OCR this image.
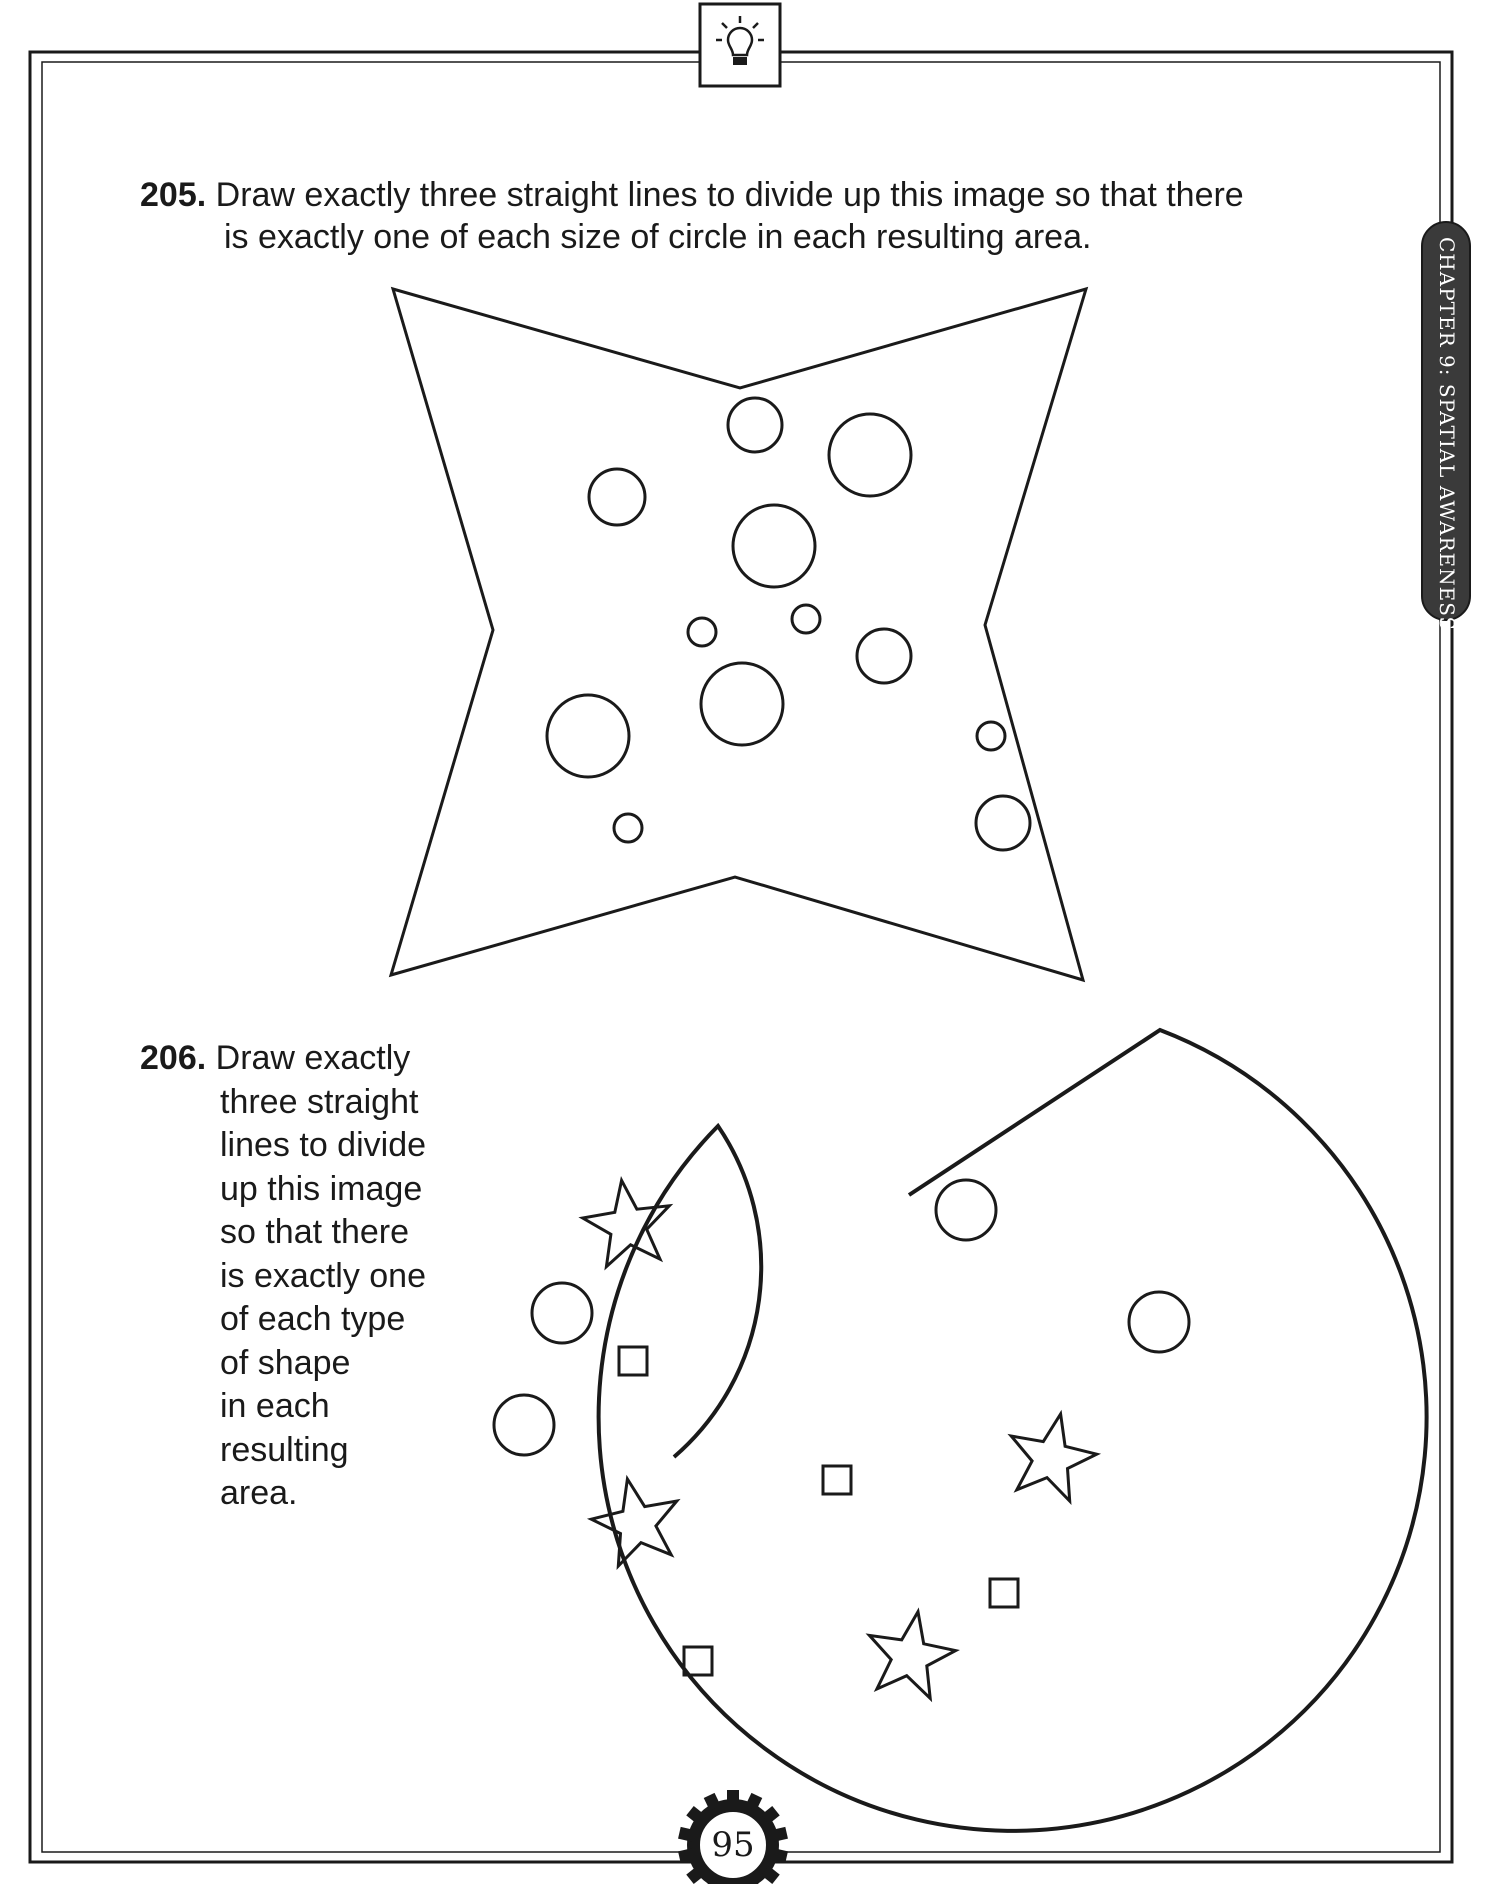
CHAPTER 9: SPATIAL AWARENESS
205. Draw exactly three straight lines to divide up this image so that there
is exactly one of each size of circle in each resulting area.
206. Draw exactly
three straight
lines to divide
up this image
so that there
is exactly one
of each type
of shape
in each
resulting
area.
95
